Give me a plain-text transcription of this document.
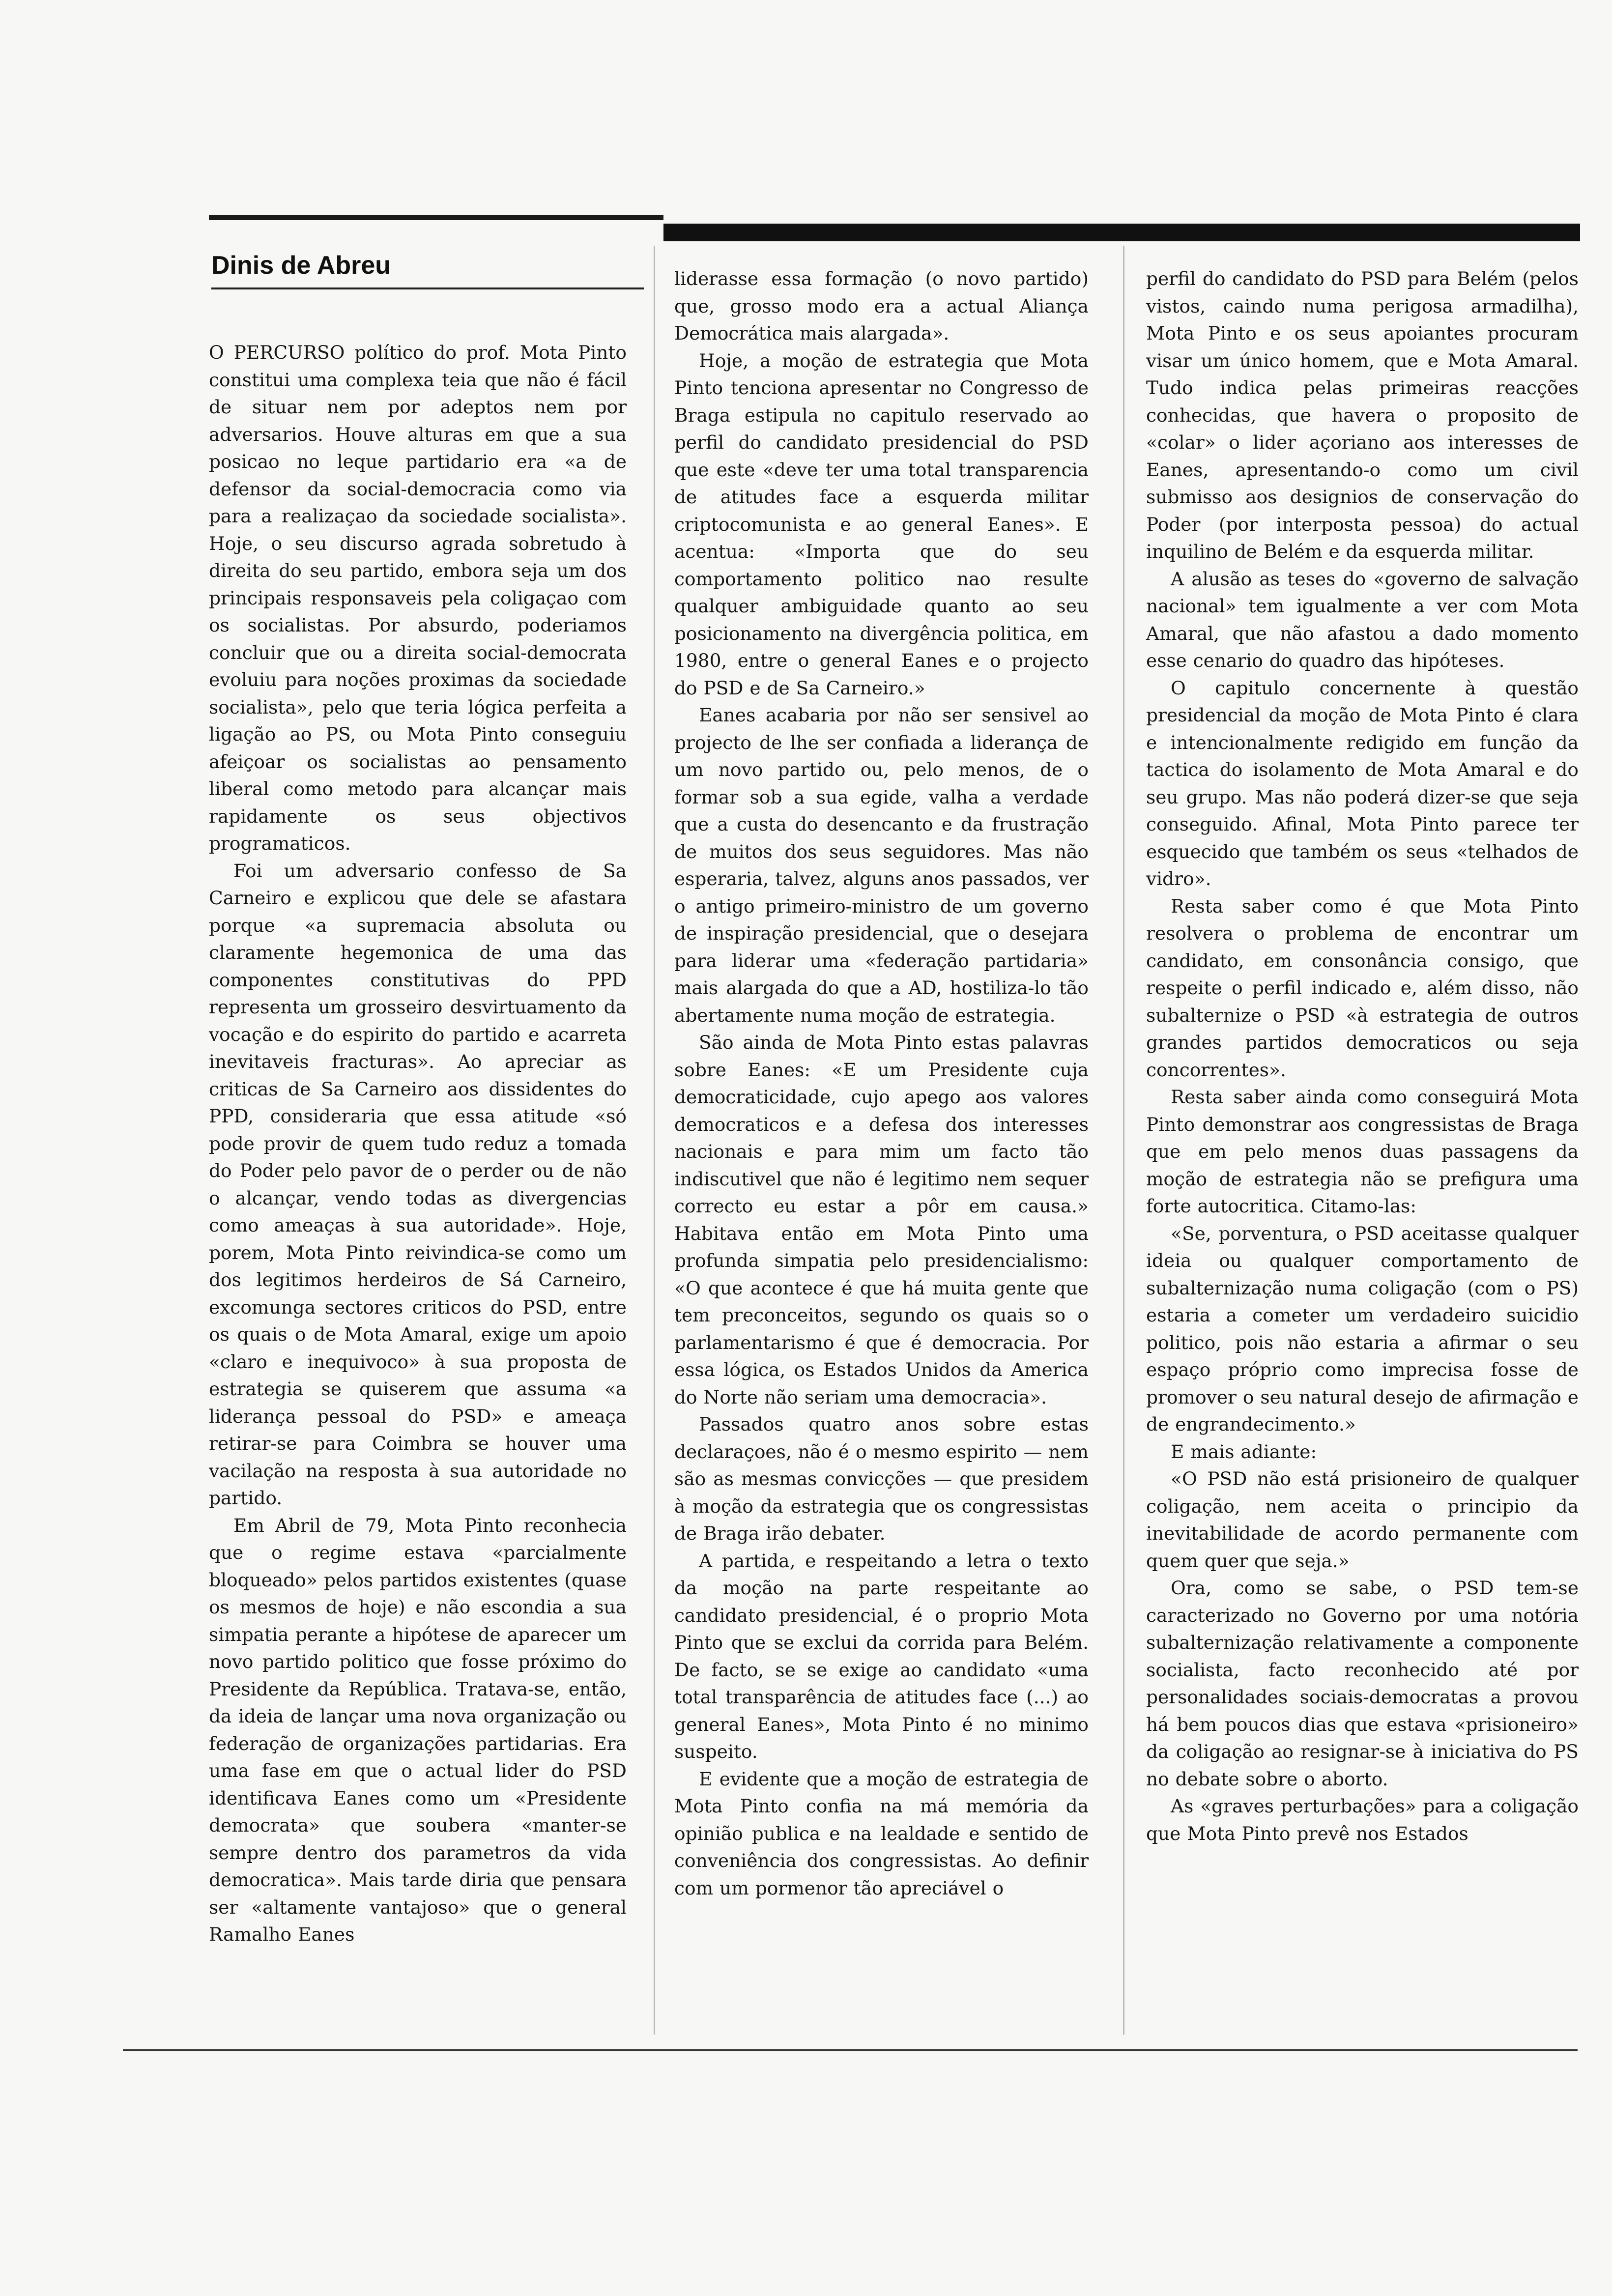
Dinis de Abreu

O PERCURSO político do prof. Mota Pinto constitui uma complexa teia que não é fácil de situar nem por adeptos nem por adversarios. Houve alturas em que a sua posicao no leque partidario era «a de defensor da social-democracia como via para a realizaçao da sociedade socialista». Hoje, o seu discurso agrada sobretudo à direita do seu partido, embora seja um dos principais responsaveis pela coligaçao com os socialistas. Por absurdo, poderiamos concluir que ou a direita social-democrata evoluiu para noções proximas da sociedade socialista», pelo que teria lógica perfeita a ligação ao PS, ou Mota Pinto conseguiu afeiçoar os socialistas ao pensamento liberal como metodo para alcançar mais rapidamente os seus objectivos programaticos.

Foi um adversario confesso de Sa Carneiro e explicou que dele se afastara porque «a supremacia absoluta ou claramente hegemonica de uma das componentes constitutivas do PPD representa um grosseiro desvirtuamento da vocação e do espirito do partido e acarreta inevitaveis fracturas». Ao apreciar as criticas de Sa Carneiro aos dissidentes do PPD, consideraria que essa atitude «só pode provir de quem tudo reduz a tomada do Poder pelo pavor de o perder ou de não o alcançar, vendo todas as divergencias como ameaças à sua autoridade». Hoje, porem, Mota Pinto reivindica-se como um dos legitimos herdeiros de Sá Carneiro, excomunga sectores criticos do PSD, entre os quais o de Mota Amaral, exige um apoio «claro e inequivoco» à sua proposta de estrategia se quiserem que assuma «a liderança pessoal do PSD» e ameaça retirar-se para Coimbra se houver uma vacilação na resposta à sua autoridade no partido.

Em Abril de 79, Mota Pinto reconhecia que o regime estava «parcialmente bloqueado» pelos partidos existentes (quase os mesmos de hoje) e não escondia a sua simpatia perante a hipótese de aparecer um novo partido politico que fosse próximo do Presidente da República. Tratava-se, então, da ideia de lançar uma nova organização ou federação de organizações partidarias. Era uma fase em que o actual lider do PSD identificava Eanes como um «Presidente democrata» que soubera «manter-se sempre dentro dos parametros da vida democratica». Mais tarde diria que pensara ser «altamente vantajoso» que o general Ramalho Eanes

liderasse essa formação (o novo partido) que, grosso modo era a actual Aliança Democrática mais alargada».

Hoje, a moção de estrategia que Mota Pinto tenciona apresentar no Congresso de Braga estipula no capitulo reservado ao perfil do candidato presidencial do PSD que este «deve ter uma total transparencia de atitudes face a esquerda militar criptocomunista e ao general Eanes». E acentua: «Importa que do seu comportamento politico nao resulte qualquer ambiguidade quanto ao seu posicionamento na divergência politica, em 1980, entre o general Eanes e o projecto do PSD e de Sa Carneiro.»

Eanes acabaria por não ser sensivel ao projecto de lhe ser confiada a liderança de um novo partido ou, pelo menos, de o formar sob a sua egide, valha a verdade que a custa do desencanto e da frustração de muitos dos seus seguidores. Mas não esperaria, talvez, alguns anos passados, ver o antigo primeiro-ministro de um governo de inspiração presidencial, que o desejara para liderar uma «federação partidaria» mais alargada do que a AD, hostiliza-lo tão abertamente numa moção de estrategia.

São ainda de Mota Pinto estas palavras sobre Eanes: «E um Presidente cuja democraticidade, cujo apego aos valores democraticos e a defesa dos interesses nacionais e para mim um facto tão indiscutivel que não é legitimo nem sequer correcto eu estar a pôr em causa.» Habitava então em Mota Pinto uma profunda simpatia pelo presidencialismo: «O que acontece é que há muita gente que tem preconceitos, segundo os quais so o parlamentarismo é que é democracia. Por essa lógica, os Estados Unidos da America do Norte não seriam uma democracia».

Passados quatro anos sobre estas declaraçoes, não é o mesmo espirito — nem são as mesmas convicções — que presidem à moção da estrategia que os congressistas de Braga irão debater.

A partida, e respeitando a letra o texto da moção na parte respeitante ao candidato presidencial, é o proprio Mota Pinto que se exclui da corrida para Belém. De facto, se se exige ao candidato «uma total transparência de atitudes face (...) ao general Eanes», Mota Pinto é no minimo suspeito.

E evidente que a moção de estrategia de Mota Pinto confia na má memória da opinião publica e na lealdade e sentido de conveniência dos congressistas. Ao definir com um pormenor tão apreciável o

perfil do candidato do PSD para Belém (pelos vistos, caindo numa perigosa armadilha), Mota Pinto e os seus apoiantes procuram visar um único homem, que e Mota Amaral. Tudo indica pelas primeiras reacções conhecidas, que havera o proposito de «colar» o lider açoriano aos interesses de Eanes, apresentando-o como um civil submisso aos designios de conservação do Poder (por interposta pessoa) do actual inquilino de Belém e da esquerda militar.

A alusão as teses do «governo de salvação nacional» tem igualmente a ver com Mota Amaral, que não afastou a dado momento esse cenario do quadro das hipóteses.

O capitulo concernente à questão presidencial da moção de Mota Pinto é clara e intencionalmente redigido em função da tactica do isolamento de Mota Amaral e do seu grupo. Mas não poderá dizer-se que seja conseguido. Afinal, Mota Pinto parece ter esquecido que também os seus «telhados de vidro».

Resta saber como é que Mota Pinto resolvera o problema de encontrar um candidato, em consonância consigo, que respeite o perfil indicado e, além disso, não subalternize o PSD «à estrategia de outros grandes partidos democraticos ou seja concorrentes».

Resta saber ainda como conseguirá Mota Pinto demonstrar aos congressistas de Braga que em pelo menos duas passagens da moção de estrategia não se prefigura uma forte autocritica. Citamo-las:

«Se, porventura, o PSD aceitasse qualquer ideia ou qualquer comportamento de subalternização numa coligação (com o PS) estaria a cometer um verdadeiro suicidio politico, pois não estaria a afirmar o seu espaço próprio como imprecisa fosse de promover o seu natural desejo de afirmação e de engrandecimento.»

E mais adiante:

«O PSD não está prisioneiro de qualquer coligação, nem aceita o principio da inevitabilidade de acordo permanente com quem quer que seja.»

Ora, como se sabe, o PSD tem-se caracterizado no Governo por uma notória subalternização relativamente a componente socialista, facto reconhecido até por personalidades sociais-democratas a provou há bem poucos dias que estava «prisioneiro» da coligação ao resignar-se à iniciativa do PS no debate sobre o aborto.

As «graves perturbações» para a coligação que Mota Pinto prevê nos Estados
